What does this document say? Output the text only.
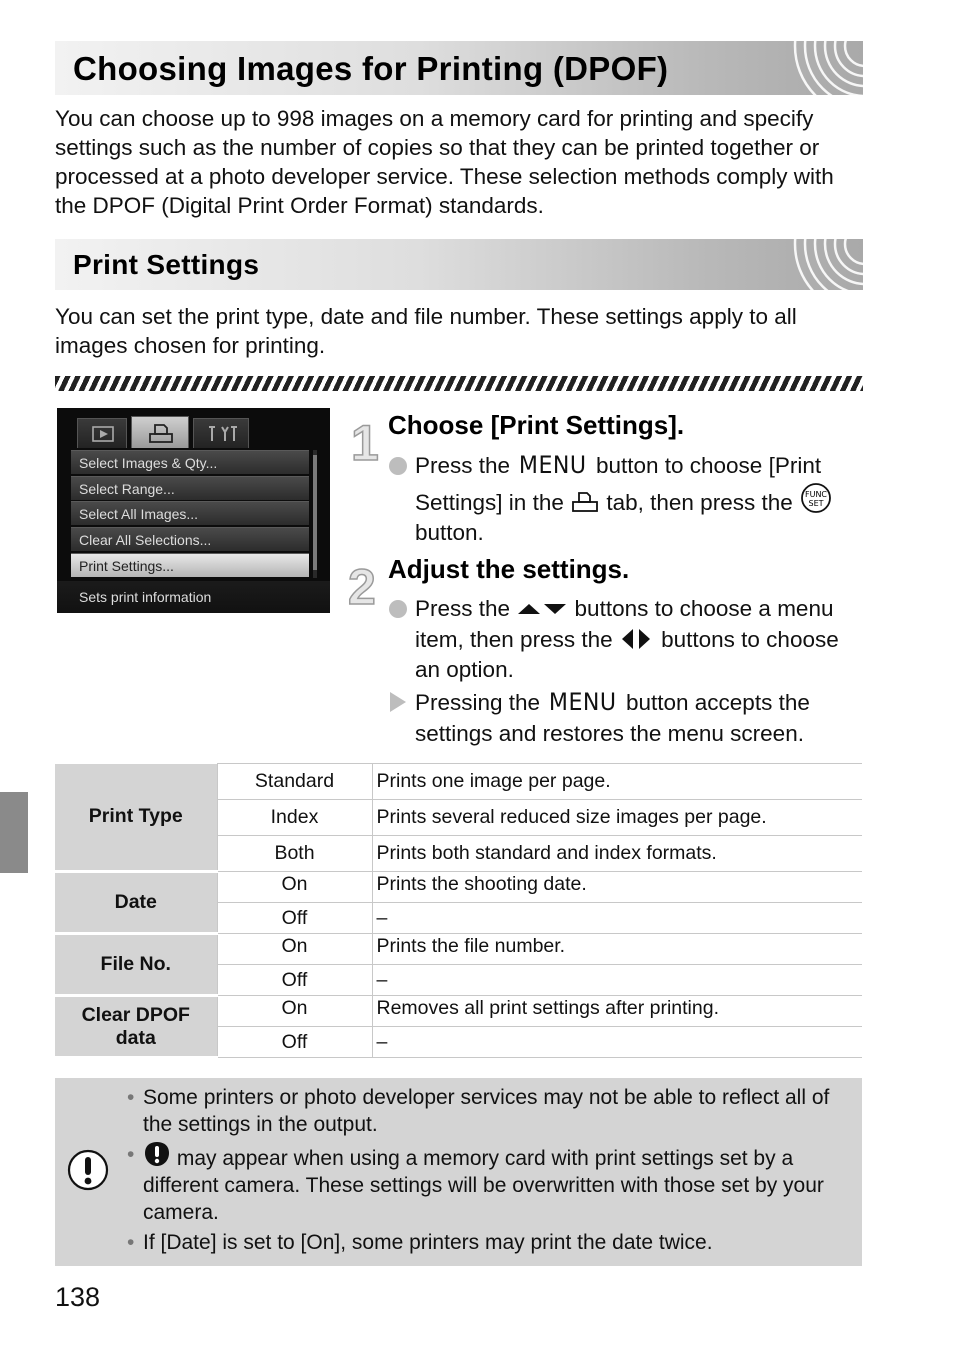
Choosing Images for Printing (DPOF)

You can choose up to 998 images on a memory card for printing and specify settings such as the number of copies so that they can be printed together or processed at a photo developer service. These selection methods comply with the DPOF (Digital Print Order Format) standards.

Print Settings

You can set the print type, date and file number. These settings apply to all images chosen for printing.

Select Images & Qty...
Select Range...
Select All Images...
Clear All Selections...
Print Settings...
Sets print information
1 Choose [Print Settings].
Press the MENU button to choose [Print Settings] in the  tab, then press the FUNC
SET
button.
2 Adjust the settings.
Press the  buttons to choose a menu item, then press the  buttons to choose an option.
Pressing the MENU button accepts the settings and restores the menu screen.
Print Type	Standard	Prints one image per page.
	Index	Prints several reduced size images per page.
	Both	Prints both standard and index formats.
Date	On	Prints the shooting date.
	Off	–
File No.	On	Prints the file number.
	Off	–
Clear DPOF data	On	Removes all print settings after printing.
	Off	–
• Some printers or photo developer services may not be able to reflect all of the settings in the output.
• may appear when using a memory card with print settings set by a different camera. These settings will be overwritten with those set by your camera.
• If [Date] is set to [On], some printers may print the date twice.
138
